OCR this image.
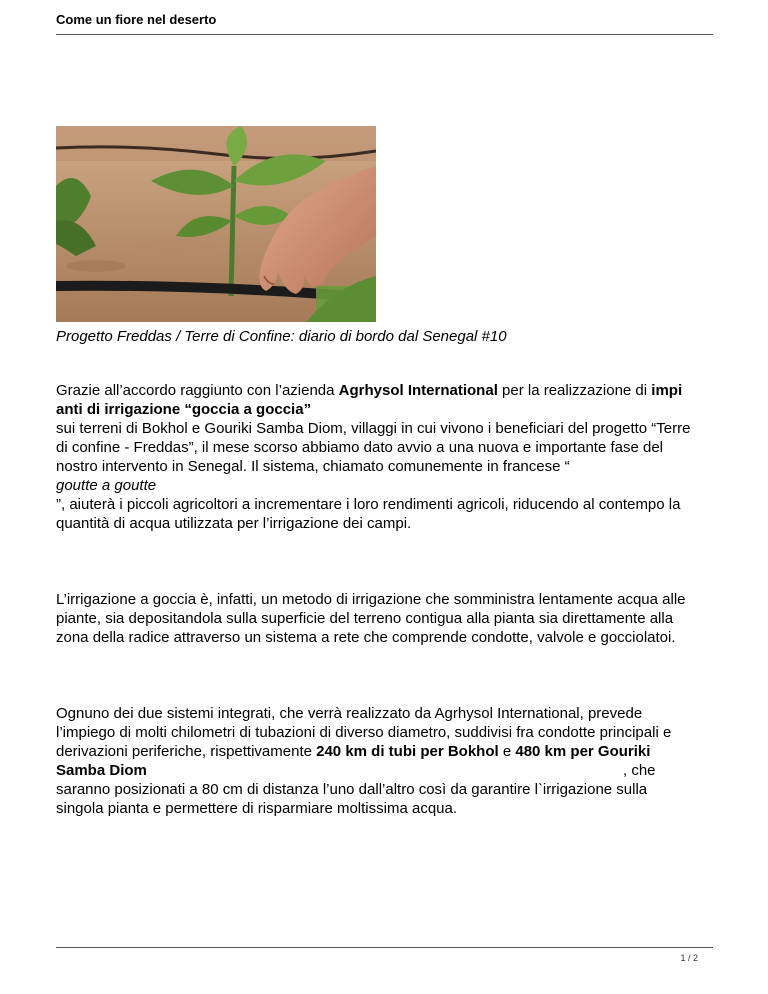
Come un fiore nel deserto
Progetto Freddas / Terre di Confine: diario di bordo dal Senegal #10
Grazie all’accordo raggiunto con l’azienda Agrhysol International per la realizzazione di impi
anti di irrigazione “goccia a goccia”
sui terreni di Bokhol e Gouriki Samba Diom, villaggi in cui vivono i beneficiari del progetto “Terre
di confine - Freddas”, il mese scorso abbiamo dato avvio a una nuova e importante fase del
nostro intervento in Senegal. Il sistema, chiamato comunemente in francese “
goutte a goutte
”, aiuterà i piccoli agricoltori a incrementare i loro rendimenti agricoli, riducendo al contempo la
quantità di acqua utilizzata per l’irrigazione dei campi.
L’irrigazione a goccia è, infatti, un metodo di irrigazione che somministra lentamente acqua alle
piante, sia depositandola sulla superficie del terreno contigua alla pianta sia direttamente alla
zona della radice attraverso un sistema a rete che comprende condotte, valvole e gocciolatoi.
Ognuno dei due sistemi integrati, che verrà realizzato da Agrhysol International, prevede
l’impiego di molti chilometri di tubazioni di diverso diametro, suddivisi fra condotte principali e
derivazioni periferiche, rispettivamente 240 km di tubi per Bokhol e 480 km per Gouriki
Samba Diom	, che
saranno posizionati a 80 cm di distanza l’uno dall’altro così da garantire l`irrigazione sulla
singola pianta e permettere di risparmiare moltissima acqua.
1 / 2
